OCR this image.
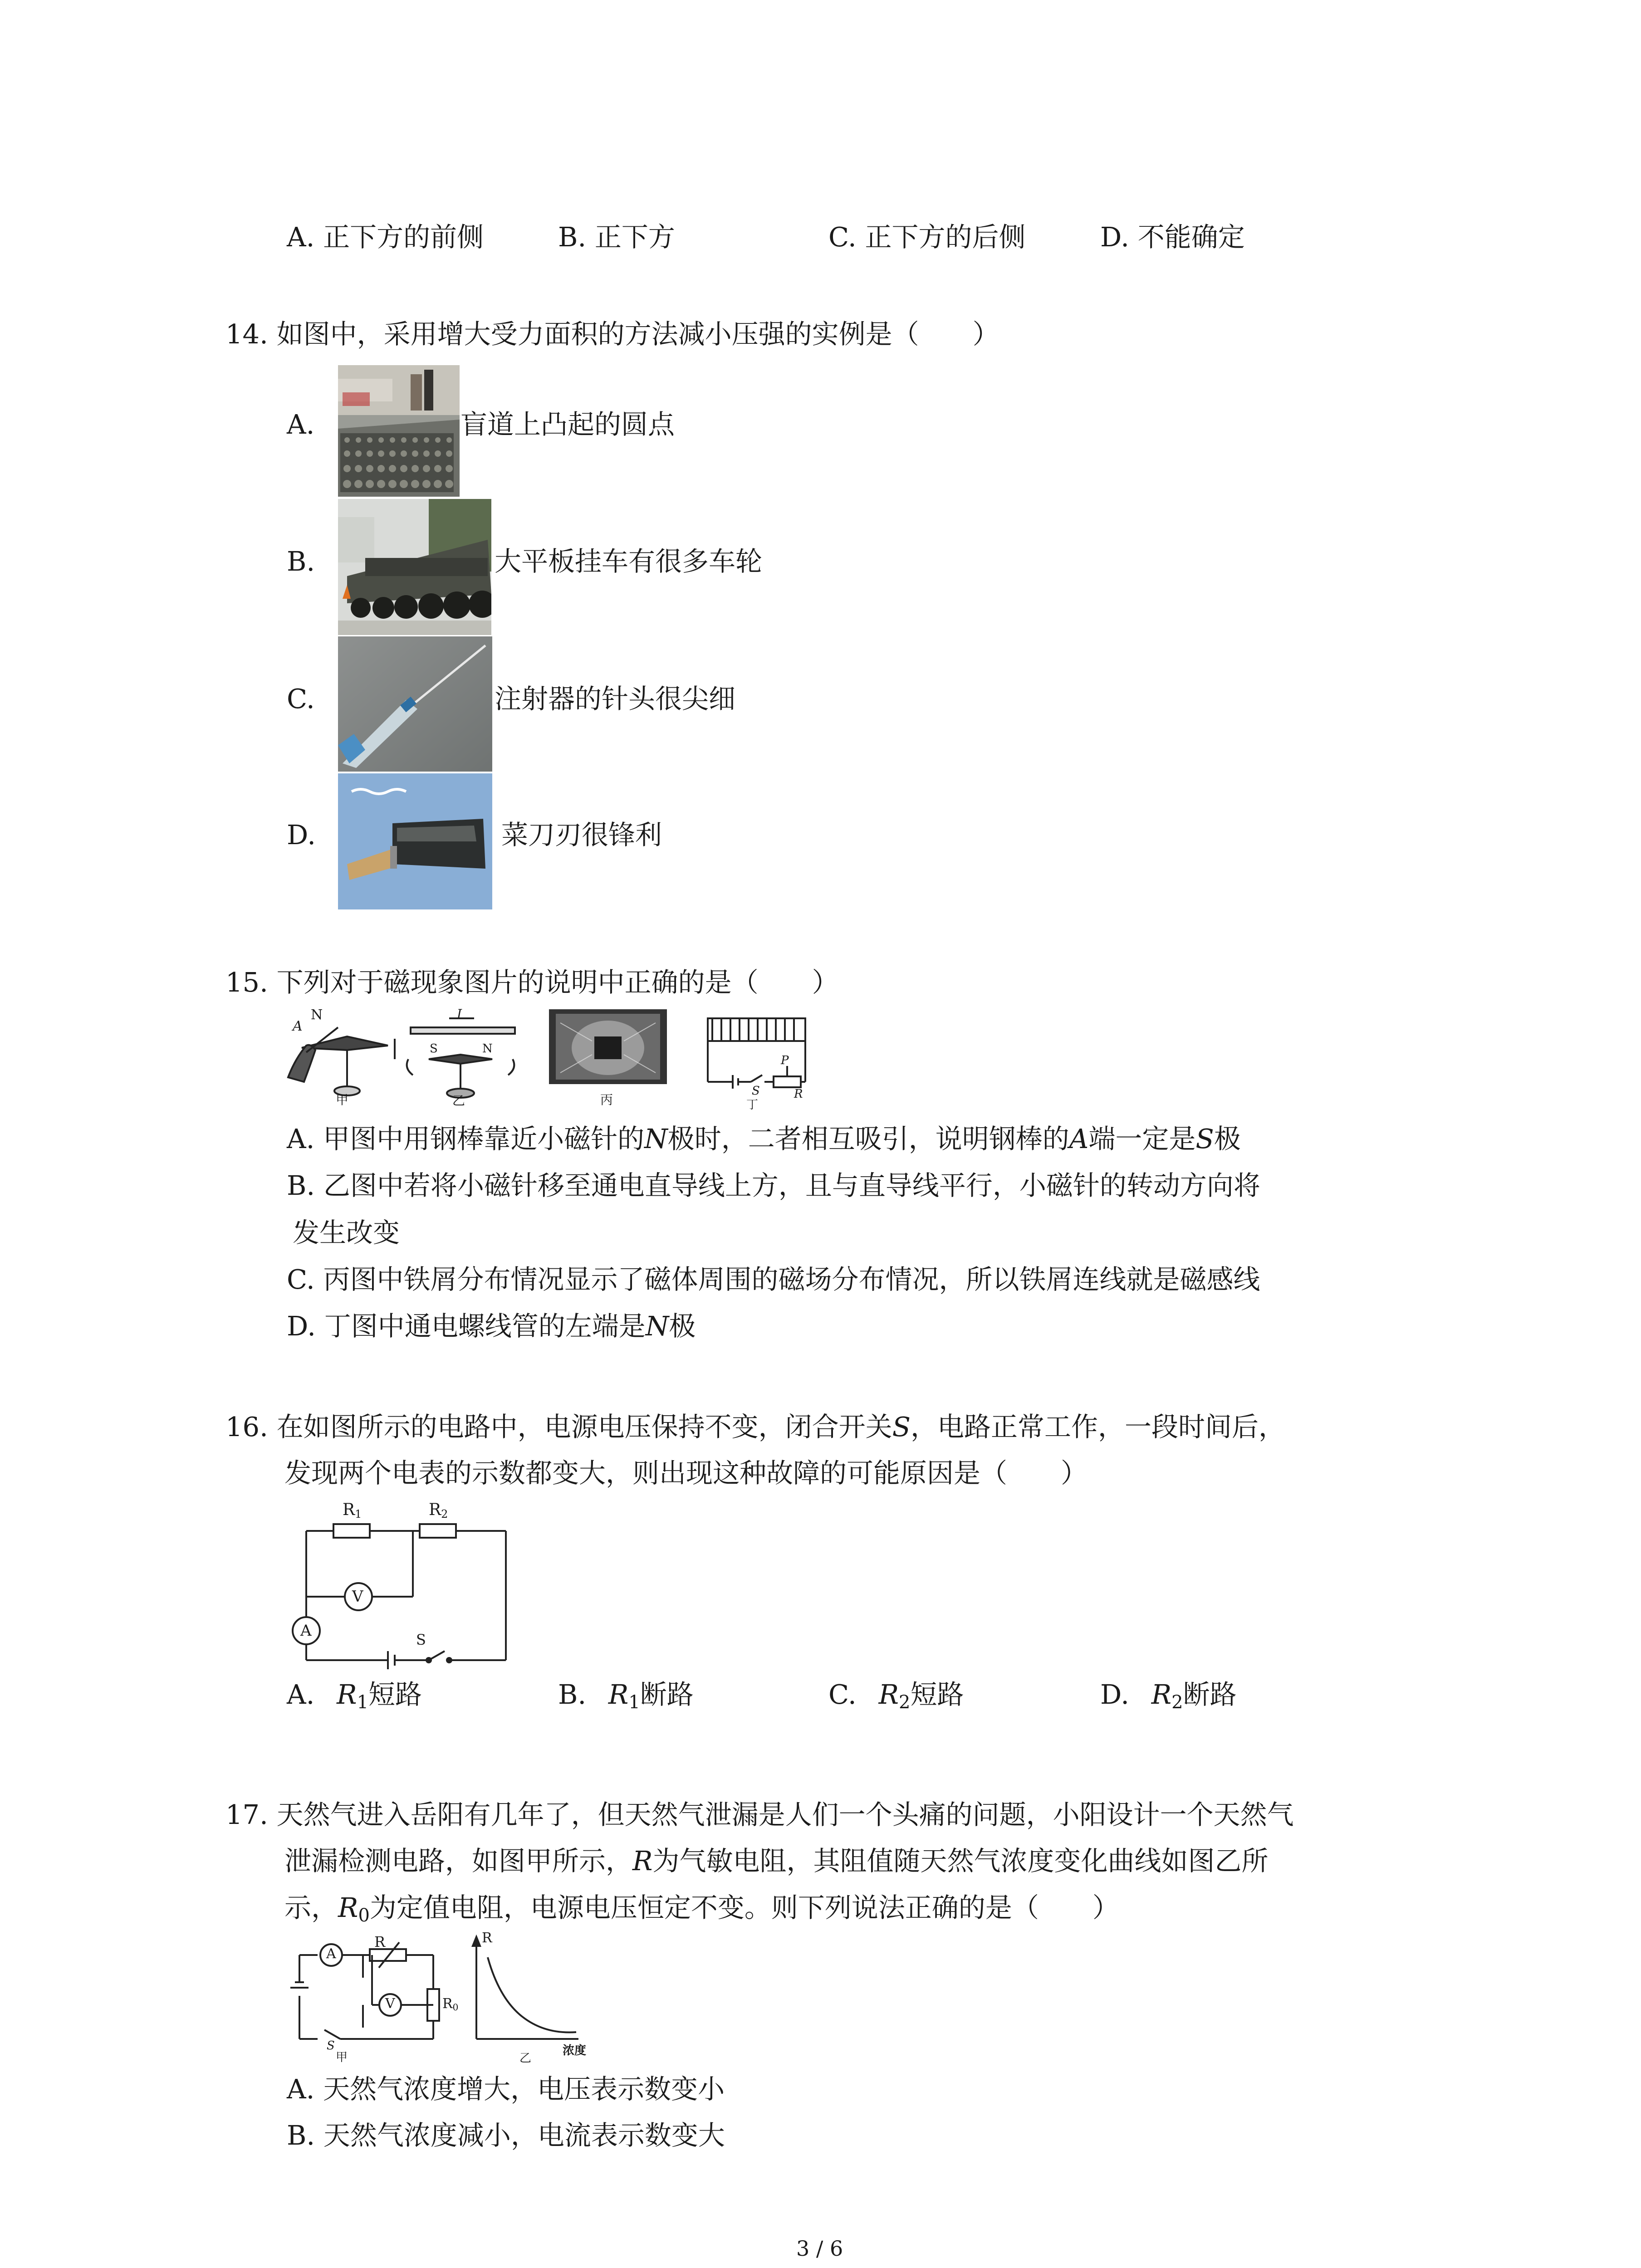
A. 正下方的前侧	B. 正下方	C. 正下方的后侧	D. 不能确定
14. 如图中，采用增大受力面积的方法减小压强的实例是（　　）
A.	盲道上凸起的圆点
B.	大平板挂车有很多车轮
C.	注射器的针头很尖细
D.	菜刀刃很锋利
15. 下列对于磁现象图片的说明中正确的是（　　）
N
A
甲
I
S	N
乙	丙
S
P
R
丁
A. 甲图中用钢棒靠近小磁针的N极时，二者相互吸引，说明钢棒的A端一定是S极
B. 乙图中若将小磁针移至通电直导线上方，且与直导线平行，小磁针的转动方向将
发生改变
C. 丙图中铁屑分布情况显示了磁体周围的磁场分布情况，所以铁屑连线就是磁感线
D. 丁图中通电螺线管的左端是N极
16. 在如图所示的电路中，电源电压保持不变，闭合开关S，电路正常工作，一段时间后，
发现两个电表的示数都变大，则出现这种故障的可能原因是（　　）
$R_1$	$R_2$
V
A	S
A. $R_1$短路	B. $R_1$断路	C. $R_2$短路	D. $R_2$断路
17. 天然气进入岳阳有几年了，但天然气泄漏是人们一个头痛的问题，小阳设计一个天然气
泄漏检测电路，如图甲所示，R为气敏电阻，其阻值随天然气浓度变化曲线如图乙所
示，$R_0$为定值电阻，电源电压恒定不变。则下列说法正确的是（　　）
A
R
V	$R_0$
S
甲
R
浓度
乙
A. 天然气浓度增大，电压表示数变小
B. 天然气浓度减小，电流表示数变大
3 / 6
